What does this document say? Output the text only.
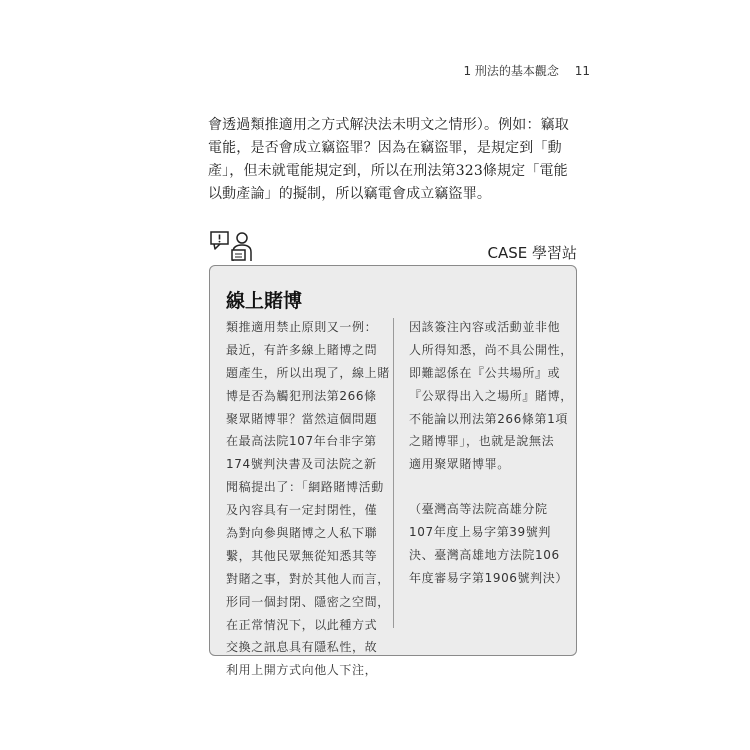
1 刑法的基本觀念 11
會透過類推適用之方式解決法未明文之情形）。例如：竊取
電能，是否會成立竊盜罪？因為在竊盜罪，是規定到「動
產」，但未就電能規定到，所以在刑法第323條規定「電能
以動產論」的擬制，所以竊電會成立竊盜罪。
CASE 學習站
線上賭博
類推適用禁止原則又一例：
最近，有許多線上賭博之問
題產生，所以出現了，線上賭
博是否為觸犯刑法第266條
聚眾賭博罪？當然這個問題
在最高法院107年台非字第
174號判決書及司法院之新
聞稿提出了：「網路賭博活動
及內容具有一定封閉性，僅
為對向參與賭博之人私下聯
繫，其他民眾無從知悉其等
對賭之事，對於其他人而言，
形同一個封閉、隱密之空間，
在正常情況下，以此種方式
交換之訊息具有隱私性，故
利用上開方式向他人下注，
因該簽注內容或活動並非他
人所得知悉，尚不具公開性，
即難認係在『公共場所』或
『公眾得出入之場所』賭博，
不能論以刑法第266條第1項
之賭博罪」，也就是說無法
適用聚眾賭博罪。
（臺灣高等法院高雄分院
107年度上易字第39號判
決、臺灣高雄地方法院106
年度審易字第1906號判決）
